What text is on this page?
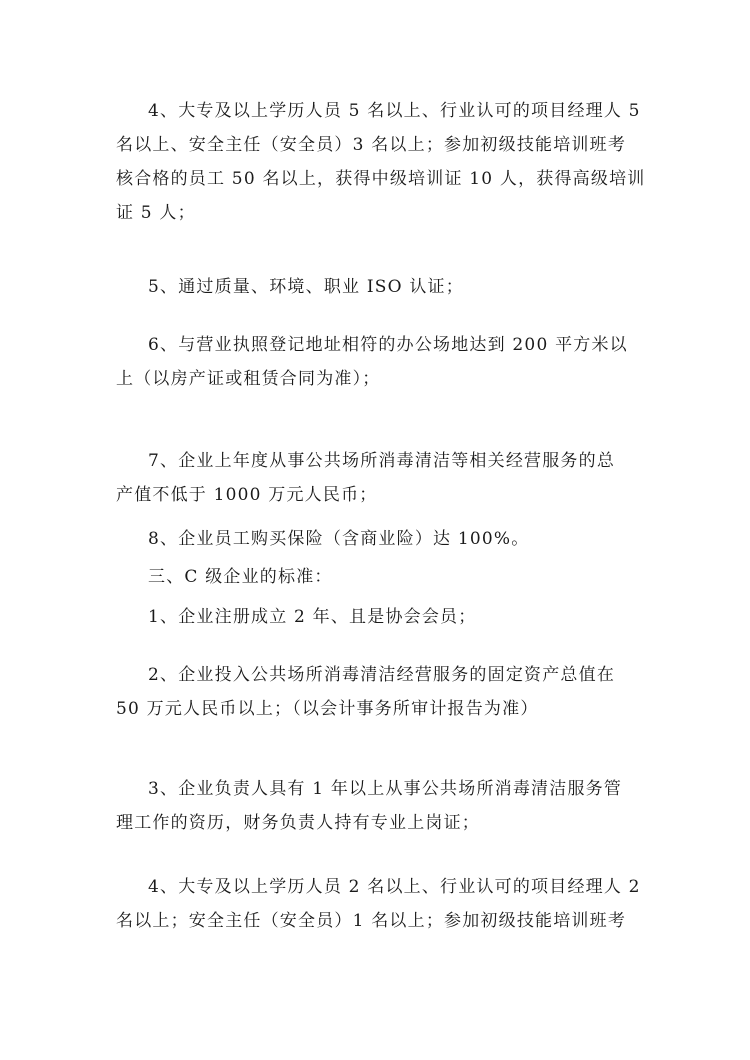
4、大专及以上学历人员 5 名以上、行业认可的项目经理人 5
名以上、安全主任（安全员）3 名以上；参加初级技能培训班考
核合格的员工 50 名以上，获得中级培训证 10 人，获得高级培训
证 5 人；
5、通过质量、环境、职业 ISO 认证；
6、与营业执照登记地址相符的办公场地达到 200 平方米以
上（以房产证或租赁合同为准）；
7、企业上年度从事公共场所消毒清洁等相关经营服务的总
产值不低于 1000 万元人民币；
8、企业员工购买保险（含商业险）达 100%。
三、C 级企业的标准：
1、企业注册成立 2 年、且是协会会员；
2、企业投入公共场所消毒清洁经营服务的固定资产总值在
50 万元人民币以上；（以会计事务所审计报告为准）
3、企业负责人具有 1 年以上从事公共场所消毒清洁服务管
理工作的资历，财务负责人持有专业上岗证；
4、大专及以上学历人员 2 名以上、行业认可的项目经理人 2
名以上；安全主任（安全员）1 名以上；参加初级技能培训班考
